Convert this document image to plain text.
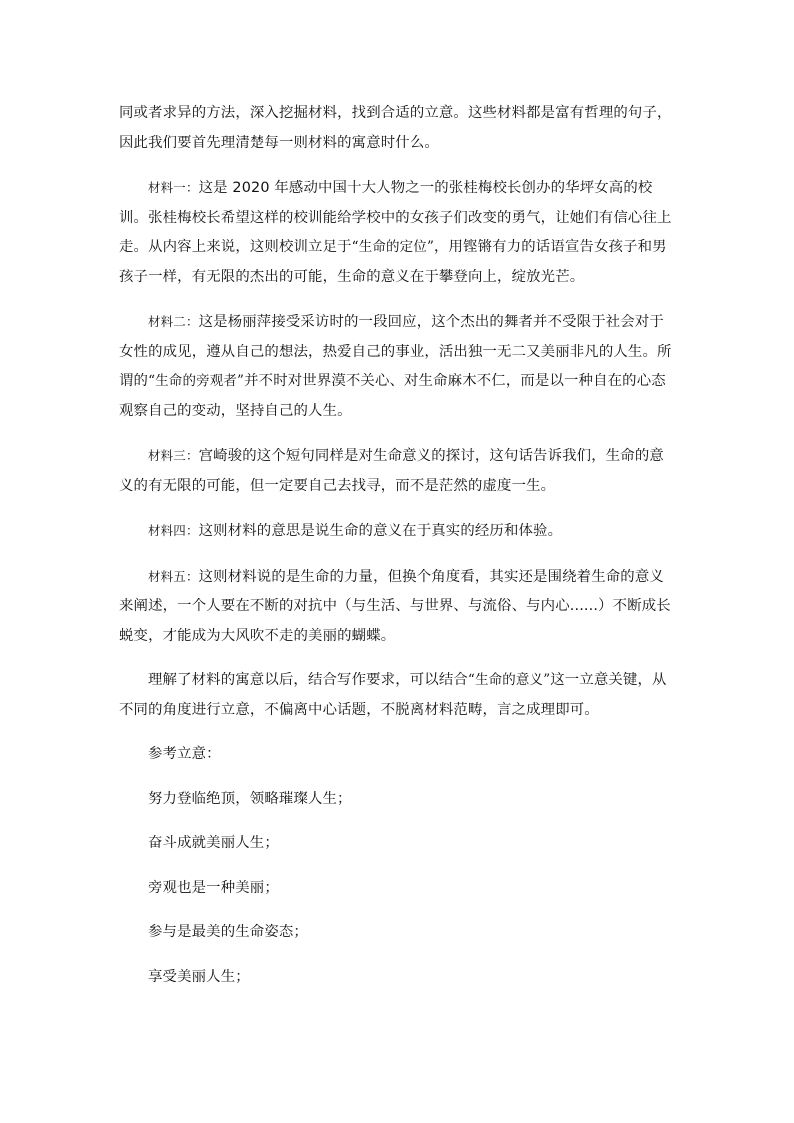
同或者求异的方法，深入挖掘材料，找到合适的立意。这些材料都是富有哲理的句子，因此我们要首先理清楚每一则材料的寓意时什么。

材料一：这是 2020 年感动中国十大人物之一的张桂梅校长创办的华坪女高的校训。张桂梅校长希望这样的校训能给学校中的女孩子们改变的勇气，让她们有信心往上走。从内容上来说，这则校训立足于“生命的定位”，用铿锵有力的话语宣告女孩子和男孩子一样，有无限的杰出的可能，生命的意义在于攀登向上，绽放光芒。

材料二：这是杨丽萍接受采访时的一段回应，这个杰出的舞者并不受限于社会对于女性的成见，遵从自己的想法，热爱自己的事业，活出独一无二又美丽非凡的人生。所谓的“生命的旁观者”并不时对世界漠不关心、对生命麻木不仁，而是以一种自在的心态观察自己的变动，坚持自己的人生。

材料三：宫崎骏的这个短句同样是对生命意义的探讨，这句话告诉我们，生命的意义的有无限的可能，但一定要自己去找寻，而不是茫然的虚度一生。

材料四：这则材料的意思是说生命的意义在于真实的经历和体验。

材料五：这则材料说的是生命的力量，但换个角度看，其实还是围绕着生命的意义来阐述，一个人要在不断的对抗中（与生活、与世界、与流俗、与内心......）不断成长蜕变，才能成为大风吹不走的美丽的蝴蝶。

理解了材料的寓意以后，结合写作要求，可以结合“生命的意义”这一立意关键，从不同的角度进行立意，不偏离中心话题，不脱离材料范畴，言之成理即可。

参考立意：

努力登临绝顶，领略璀璨人生；

奋斗成就美丽人生；

旁观也是一种美丽；

参与是最美的生命姿态；

享受美丽人生；
